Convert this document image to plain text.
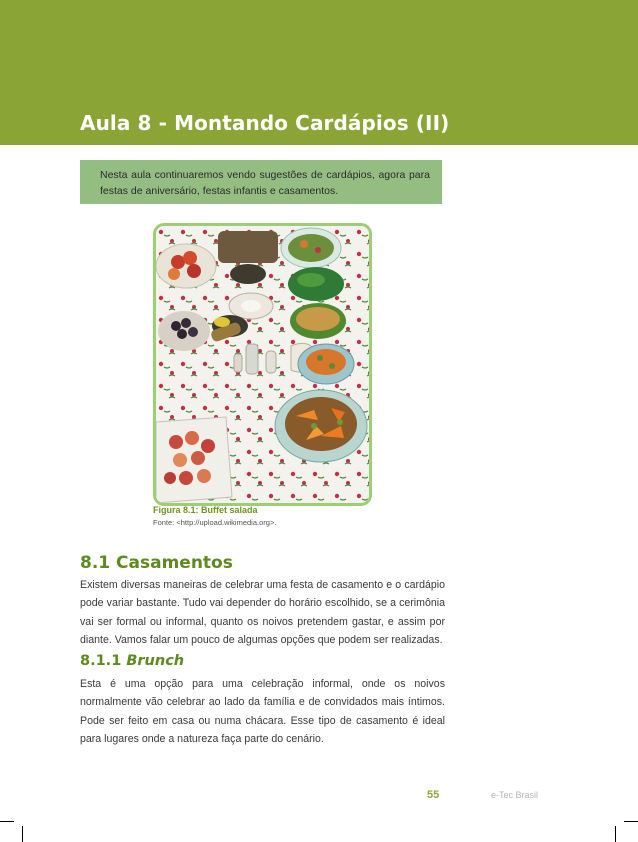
Aula 8 - Montando Cardápios (II)

Nesta aula continuaremos vendo sugestões de cardápios, agora para festas de aniversário, festas infantis e casamentos.

Figura 8.1: Buffet salada

Fonte: <http://upload.wikimedia.org>.

8.1 Casamentos

Existem diversas maneiras de celebrar uma festa de casamento e o cardápio pode variar bastante. Tudo vai depender do horário escolhido, se a cerimônia vai ser formal ou informal, quanto os noivos pretendem gastar, e assim por diante. Vamos falar um pouco de algumas opções que podem ser realizadas.

8.1.1 Brunch

Esta é uma opção para uma celebração informal, onde os noivos normalmente vão celebrar ao lado da família e de convidados mais íntimos. Pode ser feito em casa ou numa chácara. Esse tipo de casamento é ideal para lugares onde a natureza faça parte do cenário.

55	e-Tec Brasil
